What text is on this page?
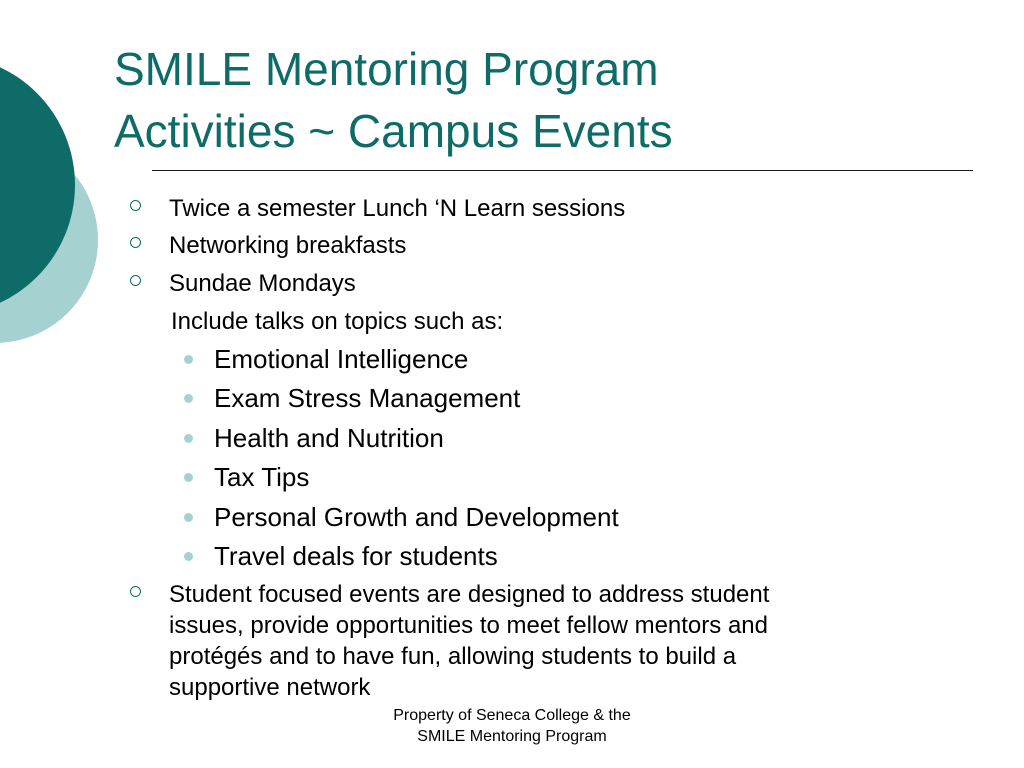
SMILE Mentoring Program
Activities ~ Campus Events
Twice a semester Lunch ‘N Learn sessions
Networking breakfasts
Sundae Mondays
Include talks on topics such as:
Emotional Intelligence
Exam Stress Management
Health and Nutrition
Tax Tips
Personal Growth and Development
Travel deals for students
Student focused events are designed to address student
issues, provide opportunities to meet fellow mentors and
protégés and to have fun, allowing students to build a
supportive network
Property of Seneca College & the
SMILE Mentoring Program
